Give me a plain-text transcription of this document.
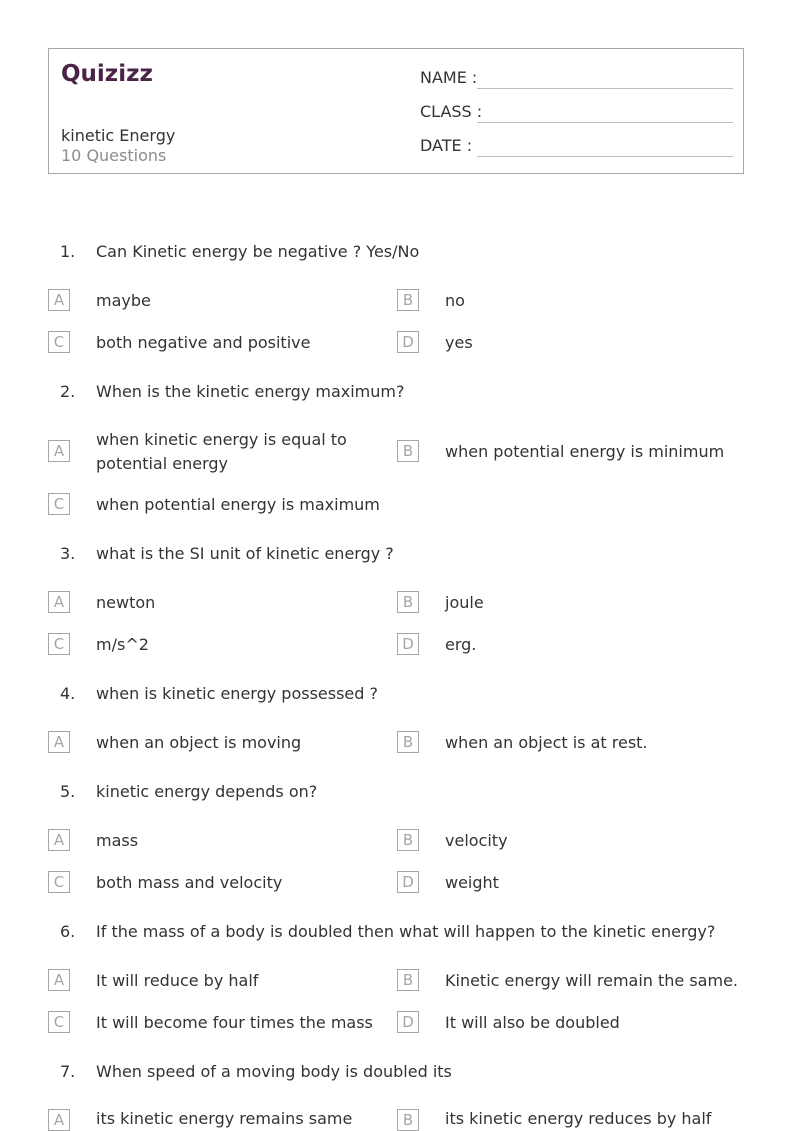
Quizizz
kinetic Energy
10 Questions
NAME :
CLASS :
DATE :
1. Can Kinetic energy be negative ? Yes/No
A	maybe	B	no
C	both negative and positive	D	yes
2. When is the kinetic energy maximum?
A
when kinetic energy is equal to potential energy
B	when potential energy is minimum
C	when potential energy is maximum
3. what is the SI unit of kinetic energy ?
A	newton	B	joule
C	m/s^2	D	erg.
4. when is kinetic energy possessed ?
A	when an object is moving	B	when an object is at rest.
5. kinetic energy depends on?
A	mass	B	velocity
C	both mass and velocity	D	weight
6. If the mass of a body is doubled then what will happen to the kinetic energy?
A	It will reduce by half	B	Kinetic energy will remain the same.
C	It will become four times the mass	D	It will also be doubled
7. When speed of a moving body is doubled its
A	its kinetic energy remains same	B	its kinetic energy reduces by half
